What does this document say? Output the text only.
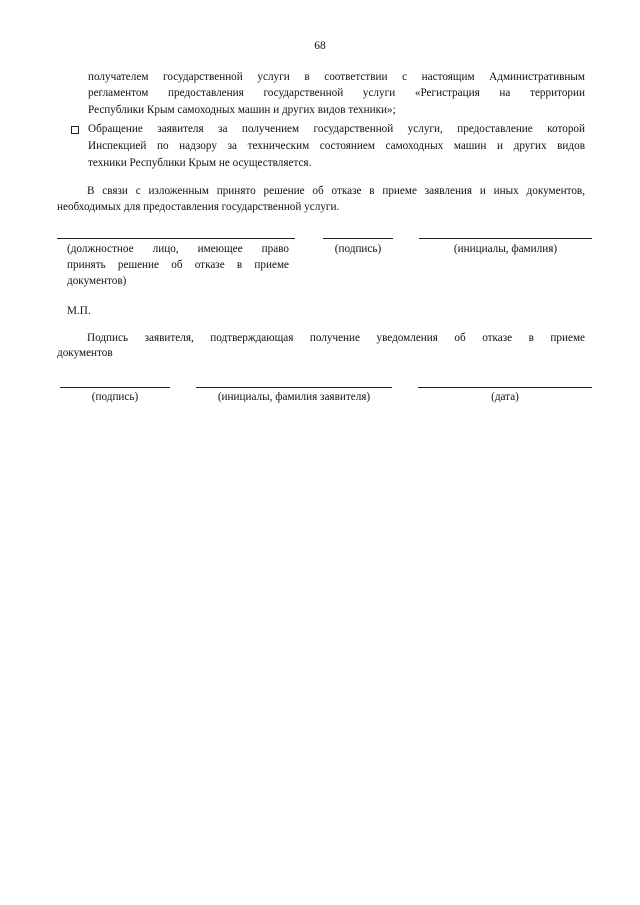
68
получателем государственной услуги в соответствии с настоящим Административным
регламентом предоставления государственной услуги «Регистрация на территории
Республики Крым самоходных машин и других видов техники»;
Обращение заявителя за получением государственной услуги, предоставление которой
Инспекцией по надзору за техническим состоянием самоходных машин и других видов
техники Республики Крым не осуществляется.
В связи с изложенным принято решение об отказе в приеме заявления и иных документов,
необходимых для предоставления государственной услуги.
(должностное лицо, имеющее право
принять решение об отказе в приеме
документов)
(подпись)	(инициалы, фамилия)
М.П.
Подпись заявителя, подтверждающая получение уведомления об отказе в приеме
документов
(подпись)	(инициалы, фамилия заявителя)	(дата)
